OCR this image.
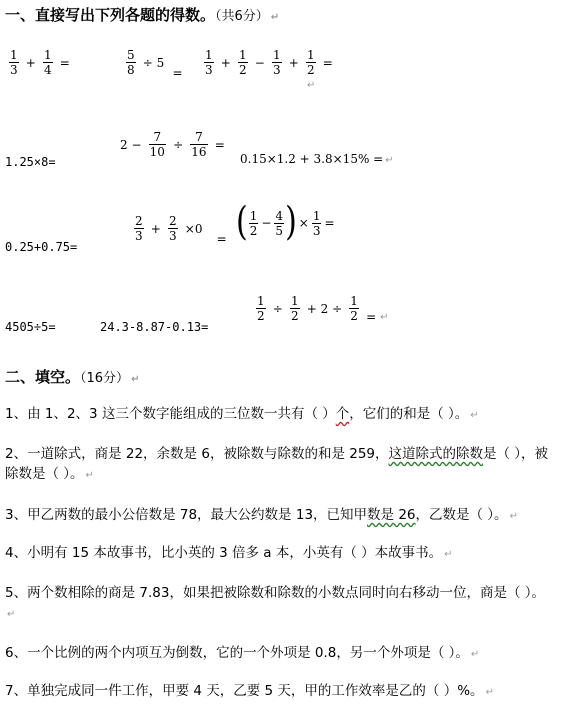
一、直接写出下列各题的得数。（共6分） ↵
$\frac{1}{3} + \frac{1}{4}$ =	$\frac{5}{8} \div 5 = \frac{1}{3} + \frac{1}{2} - \frac{1}{3} + \frac{1}{2}$ =
↵
1.25×8=
$2 - \frac{7}{10} \div \frac{7}{16}$ =
0.15×1.2 + 3.8×15% = ↵
0.25+0.75=
$\frac{2}{3} + \frac{2}{3} \times 0$ = ( $\frac{1}{2} - \frac{4}{5}$ ) × $\frac{1}{3}$ =
4505÷5=	24.3-8.87-0.13=
$\frac{1}{2} \div \frac{1}{2} + 2 \div \frac{1}{2} = _↵$
二、填空。（16分） ↵
1、由 1、2、3 这三个数字能组成的三位数一共有（ ）个，它们的和是（ ）。 ↵
2、一道除式，商是 22，余数是 6，被除数与除数的和是 259，这道除式的除数是（ ），被除数是（ ）。 ↵
3、甲乙两数的最小公倍数是 78，最大公约数是 13，已知甲数是 26，乙数是（ ）。 ↵
4、小明有 15 本故事书，比小英的 3 倍多 a 本，小英有（ ）本故事书。 ↵
5、两个数相除的商是 7.83，如果把被除数和除数的小数点同时向右移动一位，商是（ ）。↵
6、一个比例的两个内项互为倒数，它的一个外项是 0.8，另一个外项是（ ）。 ↵
7、单独完成同一件工作，甲要 4 天，乙要 5 天，甲的工作效率是乙的（ ）%。 ↵
